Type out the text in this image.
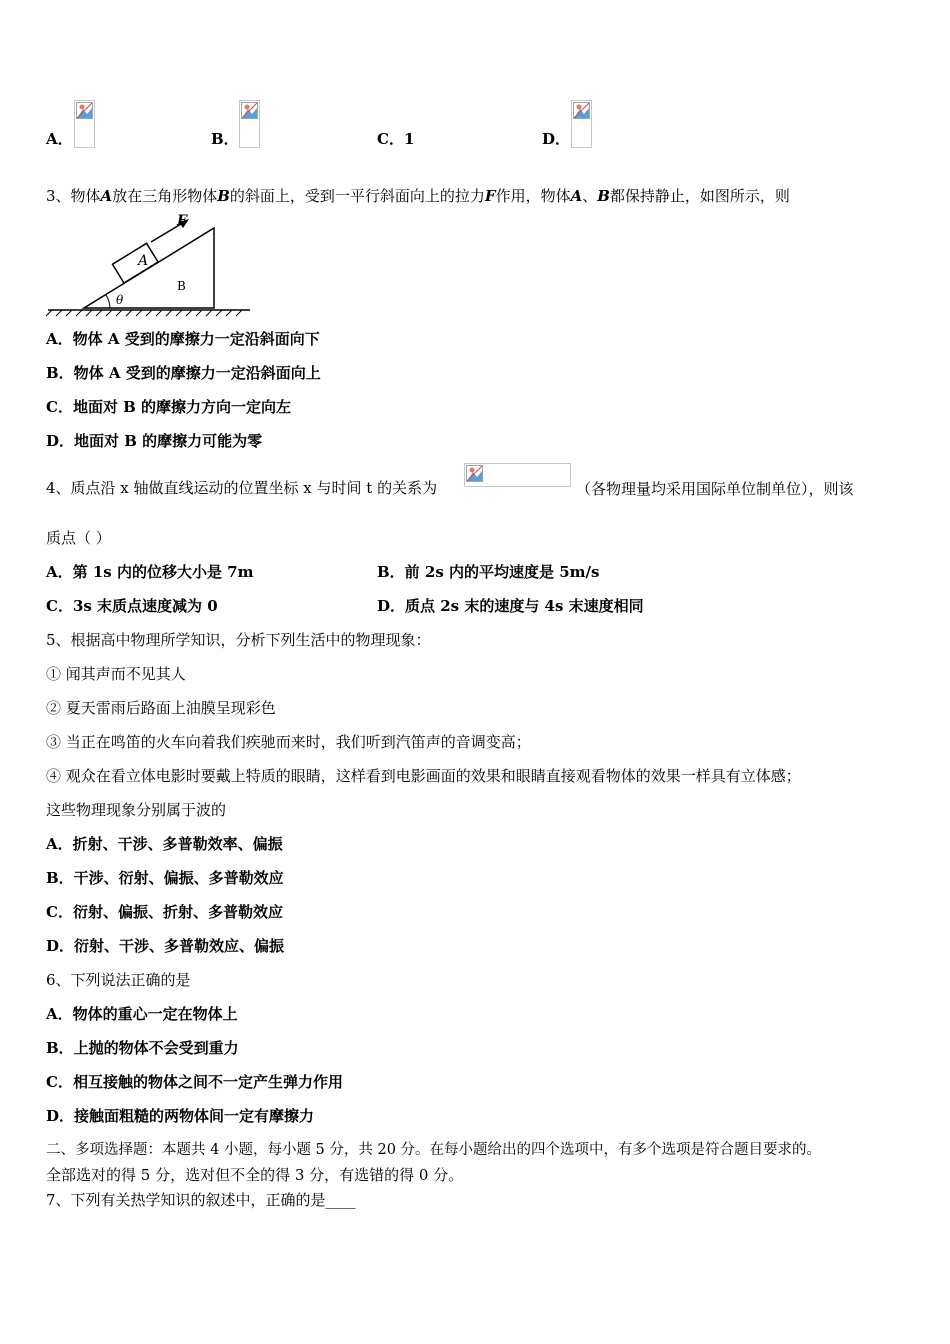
A．	B．	C．1	D．
3、物体A放在三角形物体B的斜面上，受到一平行斜面向上的拉力F作用，物体A、B都保持静止，如图所示，则
F
A
B
θ
A．物体 A 受到的摩擦力一定沿斜面向下
B．物体 A 受到的摩擦力一定沿斜面向上
C．地面对 B 的摩擦力方向一定向左
D．地面对 B 的摩擦力可能为零
4、质点沿 x 轴做直线运动的位置坐标 x 与时间 t 的关系为	（各物理量均采用国际单位制单位），则该
质点（ ）
A．第 1s 内的位移大小是 7m	B．前 2s 内的平均速度是 5m/s
C．3s 末质点速度减为 0	D．质点 2s 末的速度与 4s 末速度相同
5、根据高中物理所学知识，分析下列生活中的物理现象：
① 闻其声而不见其人
② 夏天雷雨后路面上油膜呈现彩色
③ 当正在鸣笛的火车向着我们疾驰而来时，我们听到汽笛声的音调变高；
④ 观众在看立体电影时要戴上特质的眼睛，这样看到电影画面的效果和眼睛直接观看物体的效果一样具有立体感；
这些物理现象分别属于波的
A．折射、干涉、多普勒效率、偏振
B．干涉、衍射、偏振、多普勒效应
C．衍射、偏振、折射、多普勒效应
D．衍射、干涉、多普勒效应、偏振
6、下列说法正确的是
A．物体的重心一定在物体上
B．上抛的物体不会受到重力
C．相互接触的物体之间不一定产生弹力作用
D．接触面粗糙的两物体间一定有摩擦力
二、多项选择题：本题共 4 小题，每小题 5 分，共 20 分。在每小题给出的四个选项中，有多个选项是符合题目要求的。
全部选对的得 5 分，选对但不全的得 3 分，有选错的得 0 分。
7、下列有关热学知识的叙述中，正确的是____
